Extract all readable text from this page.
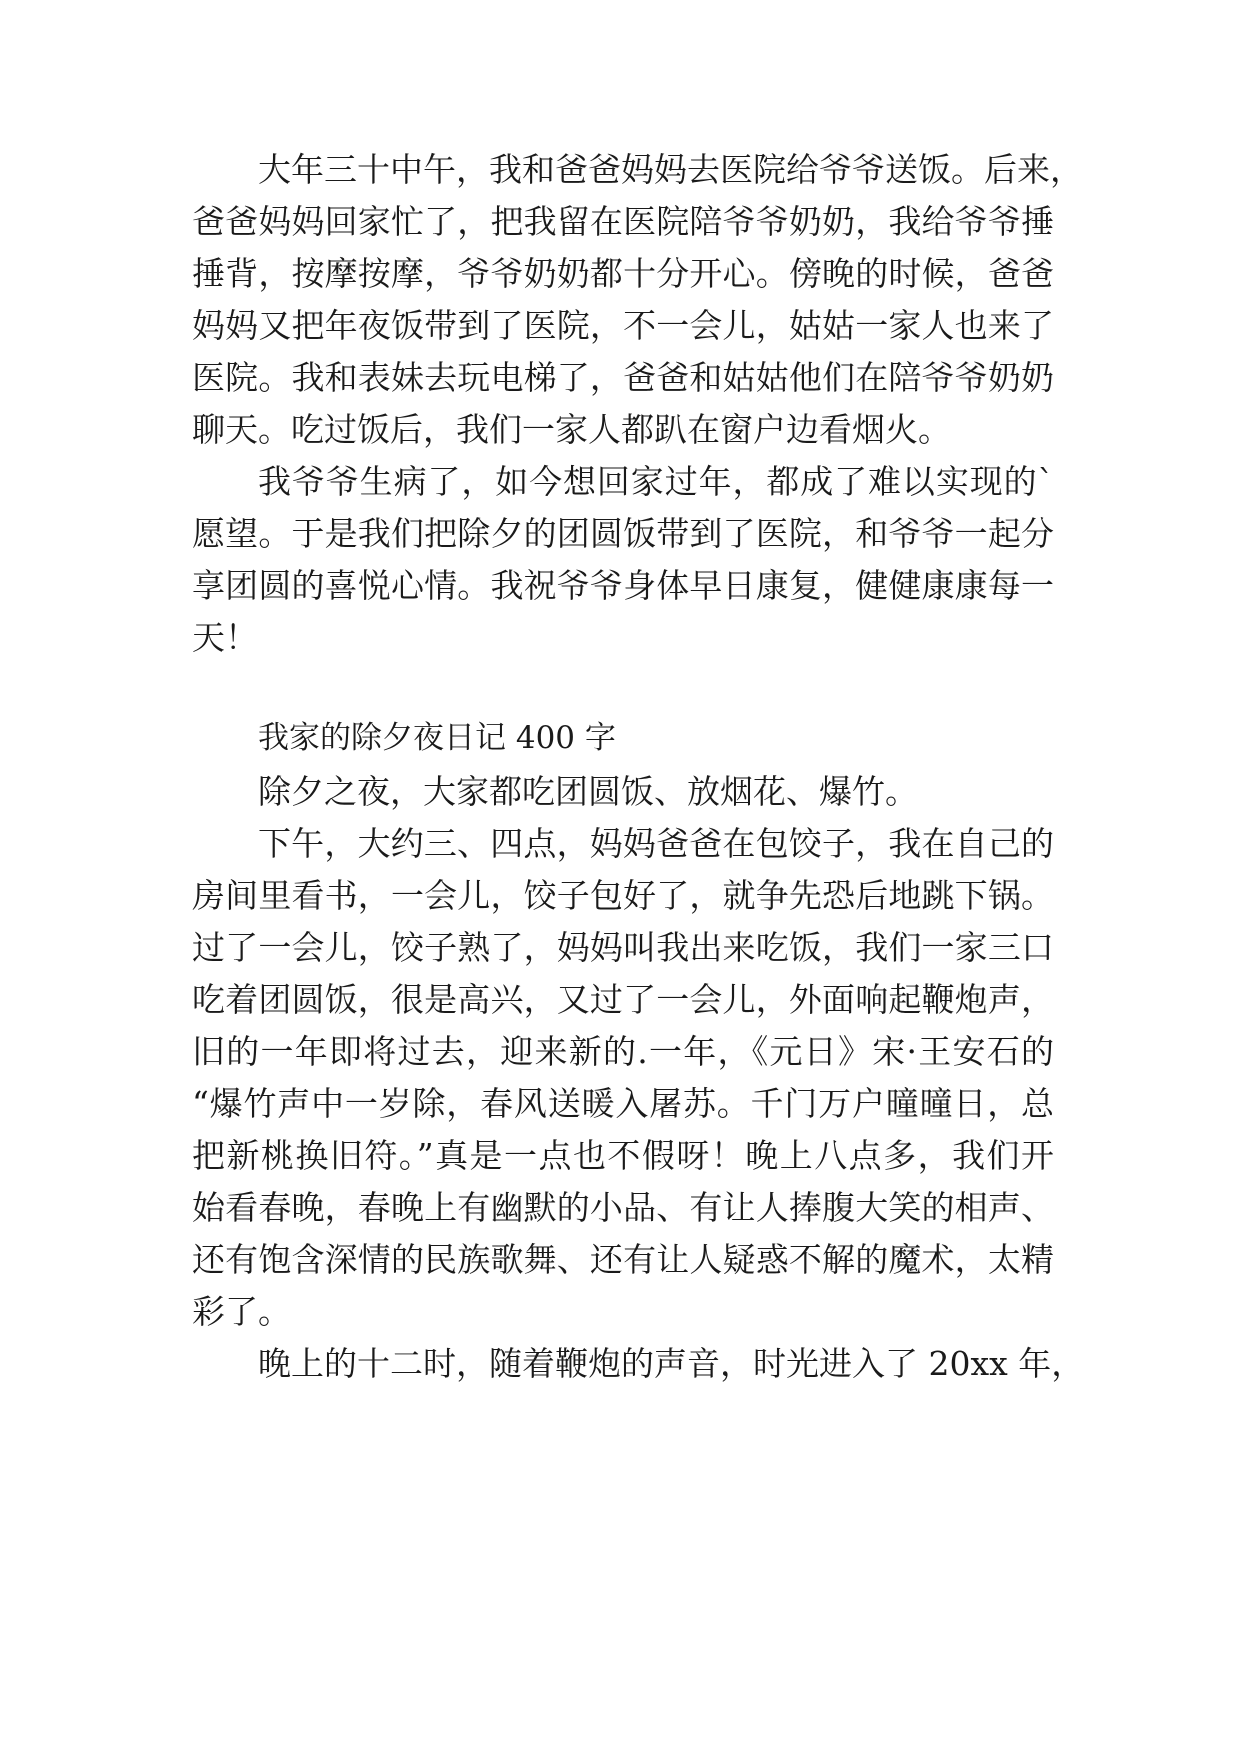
大年三十中午，我和爸爸妈妈去医院给爷爷送饭。后来，
爸爸妈妈回家忙了，把我留在医院陪爷爷奶奶，我给爷爷捶
捶背，按摩按摩，爷爷奶奶都十分开心。傍晚的时候，爸爸
妈妈又把年夜饭带到了医院，不一会儿，姑姑一家人也来了
医院。我和表妹去玩电梯了，爸爸和姑姑他们在陪爷爷奶奶
聊天。吃过饭后，我们一家人都趴在窗户边看烟火。
我爷爷生病了，如今想回家过年，都成了难以实现的`
愿望。于是我们把除夕的团圆饭带到了医院，和爷爷一起分
享团圆的喜悦心情。我祝爷爷身体早日康复，健健康康每一
天！
我家的除夕夜日记 400 字
除夕之夜，大家都吃团圆饭、放烟花、爆竹。
下午，大约三、四点，妈妈爸爸在包饺子，我在自己的
房间里看书，一会儿，饺子包好了，就争先恐后地跳下锅。
过了一会儿，饺子熟了，妈妈叫我出来吃饭，我们一家三口
吃着团圆饭，很是高兴，又过了一会儿，外面响起鞭炮声，
旧的一年即将过去，迎来新的.一年，《元日》宋·王安石的
“爆竹声中一岁除，春风送暖入屠苏。千门万户曈曈日，总
把新桃换旧符。”真是一点也不假呀！晚上八点多，我们开
始看春晚，春晚上有幽默的小品、有让人捧腹大笑的相声、
还有饱含深情的民族歌舞、还有让人疑惑不解的魔术，太精
彩了。
晚上的十二时，随着鞭炮的声音，时光进入了 20xx 年，
